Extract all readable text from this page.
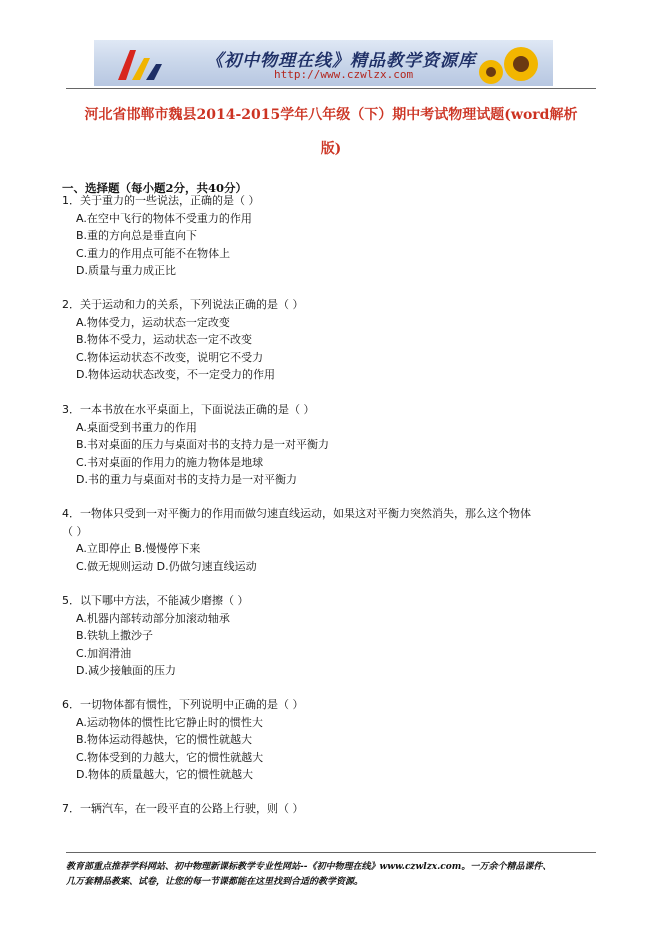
《初中物理在线》精品教学资源库
http://www.czwlzx.com
河北省邯郸市魏县2014-2015学年八年级（下）期中考试物理试题(word解析
版)
一、选择题（每小题2分，共40分）
1．关于重力的一些说法，正确的是（ ）
A.在空中飞行的物体不受重力的作用
B.重的方向总是垂直向下
C.重力的作用点可能不在物体上
D.质量与重力成正比
2．关于运动和力的关系，下列说法正确的是（ ）
A.物体受力，运动状态一定改变
B.物体不受力，运动状态一定不改变
C.物体运动状态不改变，说明它不受力
D.物体运动状态改变，不一定受力的作用
3．一本书放在水平桌面上，下面说法正确的是（ ）
A.桌面受到书重力的作用
B.书对桌面的压力与桌面对书的支持力是一对平衡力
C.书对桌面的作用力的施力物体是地球
D.书的重力与桌面对书的支持力是一对平衡力
4．一物体只受到一对平衡力的作用而做匀速直线运动，如果这对平衡力突然消失，那么这个物体
（ ）
A.立即停止 B.慢慢停下来
C.做无规则运动 D.仍做匀速直线运动
5．以下哪中方法，不能减少磨擦（ ）
A.机器内部转动部分加滚动轴承
B.铁轨上撒沙子
C.加润滑油
D.减少接触面的压力
6．一切物体都有惯性，下列说明中正确的是（ ）
A.运动物体的惯性比它静止时的惯性大
B.物体运动得越快，它的惯性就越大
C.物体受到的力越大，它的惯性就越大
D.物体的质量越大，它的惯性就越大
7．一辆汽车，在一段平直的公路上行驶，则（ ）
教育部重点推荐学科网站、初中物理新课标教学专业性网站--《初中物理在线》www.czwlzx.com。一万余个精品课件、
几万套精品教案、试卷，让您的每一节课都能在这里找到合适的教学资源。
